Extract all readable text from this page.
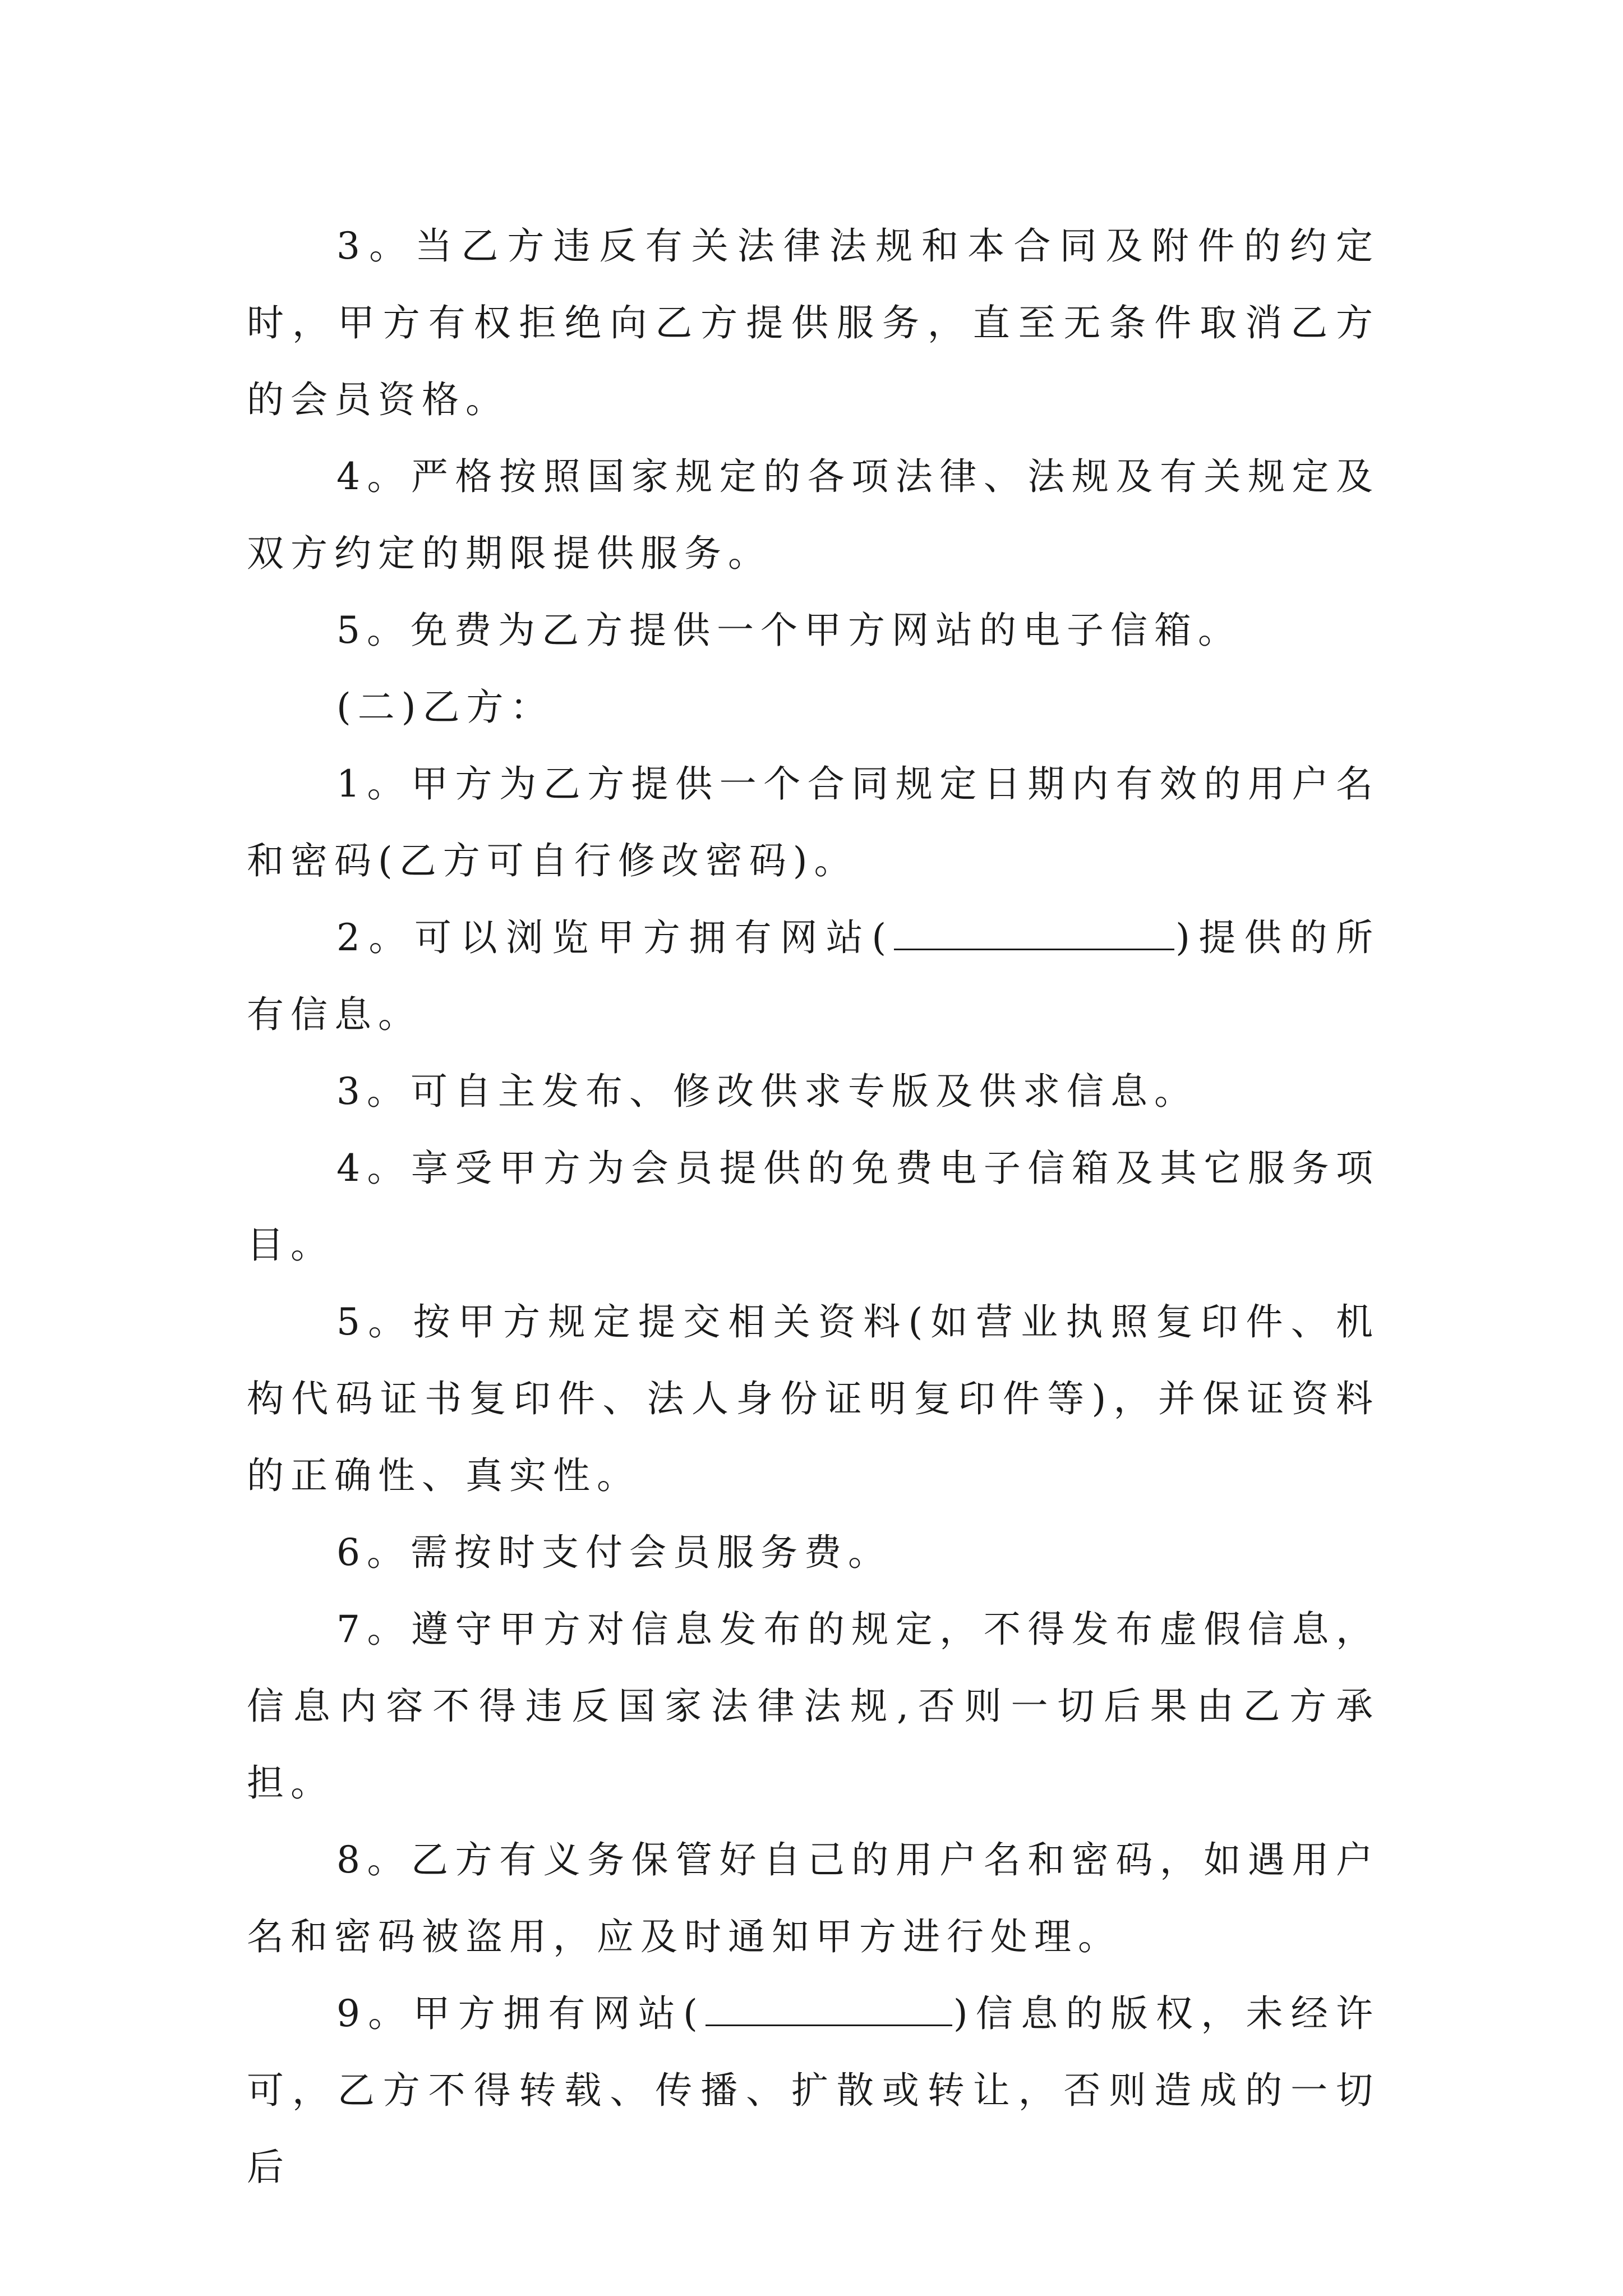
3。当乙方违反有关法律法规和本合同及附件的约定时，甲方有权拒绝向乙方提供服务，直至无条件取消乙方的会员资格。

4。严格按照国家规定的各项法律、法规及有关规定及双方约定的期限提供服务。

5。免费为乙方提供一个甲方网站的电子信箱。

(二)乙方：

1。甲方为乙方提供一个合同规定日期内有效的用户名和密码(乙方可自行修改密码)。

2。可以浏览甲方拥有网站(	)提供的所有信息。

3。可自主发布、修改供求专版及供求信息。

4。享受甲方为会员提供的免费电子信箱及其它服务项目。

5。按甲方规定提交相关资料(如营业执照复印件、机构代码证书复印件、法人身份证明复印件等)，并保证资料的正确性、真实性。

6。需按时支付会员服务费。

7。遵守甲方对信息发布的规定，不得发布虚假信息，信息内容不得违反国家法律法规,否则一切后果由乙方承担。

8。乙方有义务保管好自己的用户名和密码，如遇用户名和密码被盗用，应及时通知甲方进行处理。

9。甲方拥有网站(	)信息的版权，未经许可，乙方不得转载、传播、扩散或转让，否则造成的一切后
